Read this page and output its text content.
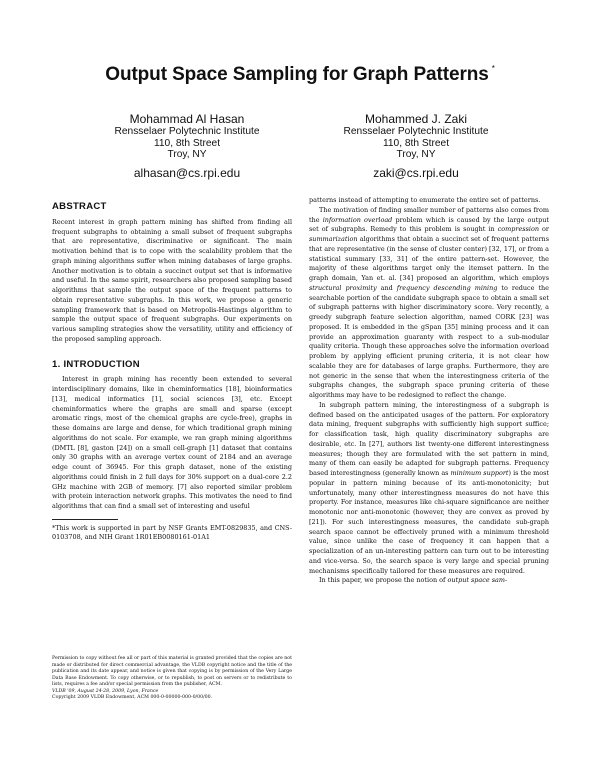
Output Space Sampling for Graph Patterns *
Mohammad Al Hasan
Rensselaer Polytechnic Institute
110, 8th Street
Troy, NY
alhasan@cs.rpi.edu
Mohammed J. Zaki
Rensselaer Polytechnic Institute
110, 8th Street
Troy, NY
zaki@cs.rpi.edu
ABSTRACT

Recent interest in graph pattern mining has shifted from finding all frequent subgraphs to obtaining a small subset of frequent subgraphs that are representative, discriminative or significant. The main motivation behind that is to cope with the scalability problem that the graph mining algorithms suffer when mining databases of large graphs. Another motivation is to obtain a succinct output set that is informative and useful. In the same spirit, researchers also proposed sampling based algorithms that sample the output space of the frequent patterns to obtain representative subgraphs. In this work, we propose a generic sampling framework that is based on Metropolis-Hastings algorithm to sample the output space of frequent subgraphs. Our experiments on various sampling strategies show the versatility, utility and efficiency of the proposed sampling approach.

1. INTRODUCTION

Interest in graph mining has recently been extended to several interdisciplinary domains, like in cheminformatics [18], bioinformatics [13], medical informatics [1], social sciences [3], etc. Except cheminformatics where the graphs are small and sparse (except aromatic rings, most of the chemical graphs are cycle-free), graphs in these domains are large and dense, for which traditional graph mining algorithms do not scale. For example, we ran graph mining algorithms (DMTL [8], gaston [24]) on a small cell-graph [1] dataset that contains only 30 graphs with an average vertex count of 2184 and an average edge count of 36945. For this graph dataset, none of the existing algorithms could finish in 2 full days for 30% support on a dual-core 2.2 GHz machine with 2GB of memory. [7] also reported similar problem with protein interaction network graphs. This motivates the need to find algorithms that can find a small set of interesting and useful

*This work is supported in part by NSF Grants EMT-0829835, and CNS-0103708, and NIH Grant 1R01EB0080161-01A1
Permission to copy without fee all or part of this material is granted provided that the copies are not made or distributed for direct commercial advantage, the VLDB copyright notice and the title of the publication and its date appear, and notice is given that copying is by permission of the Very Large Data Base Endowment. To copy otherwise, or to republish, to post on servers or to redistribute to lists, requires a fee and/or special permission from the publisher, ACM.
VLDB '09, August 24-28, 2009, Lyon, France
Copyright 2009 VLDB Endowment, ACM 000-0-00000-000-0/00/00.

patterns instead of attempting to enumerate the entire set of patterns.

The motivation of finding smaller number of patterns also comes from the information overload problem which is caused by the large output set of subgraphs. Remedy to this problem is sought in compression or summarization algorithms that obtain a succinct set of frequent patterns that are representative (in the sense of cluster center) [32, 17], or from a statistical summary [33, 31] of the entire pattern-set. However, the majority of these algorithms target only the itemset pattern. In the graph domain, Yan et. al. [34] proposed an algorithm, which employs structural proximity and frequency descending mining to reduce the searchable portion of the candidate subgraph space to obtain a small set of subgraph patterns with higher discriminatory score. Very recently, a greedy subgraph feature selection algorithm, named CORK [23] was proposed. It is embedded in the gSpan [35] mining process and it can provide an approximation guaranty with respect to a sub-modular quality criteria. Though these approaches solve the information overload problem by applying efficient pruning criteria, it is not clear how scalable they are for databases of large graphs. Furthermore, they are not generic in the sense that when the interestingness criteria of the subgraphs changes, the subgraph space pruning criteria of these algorithms may have to be redesigned to reflect the change.

In subgraph pattern mining, the interestingness of a subgraph is defined based on the anticipated usages of the pattern. For exploratory data mining, frequent subgraphs with sufficiently high support suffice; for classification task, high quality discriminatory subgraphs are desirable, etc. In [27], authors list twenty-one different interestingness measures; though they are formulated with the set pattern in mind, many of them can easily be adapted for subgraph patterns. Frequency based interestingness (generally known as minimum support) is the most popular in pattern mining because of its anti-monotonicity; but unfortunately, many other interestingness measures do not have this property. For instance, measures like chi-square significance are neither monotonic nor anti-monotonic (however, they are convex as proved by [21]). For such interestingness measures, the candidate sub-graph search space cannot be effectively pruned with a minimum threshold value, since unlike the case of frequency it can happen that a specialization of an un-interesting pattern can turn out to be interesting and vice-versa. So, the search space is very large and special pruning mechanisms specifically tailored for these measures are required.

In this paper, we propose the notion of output space sam-
